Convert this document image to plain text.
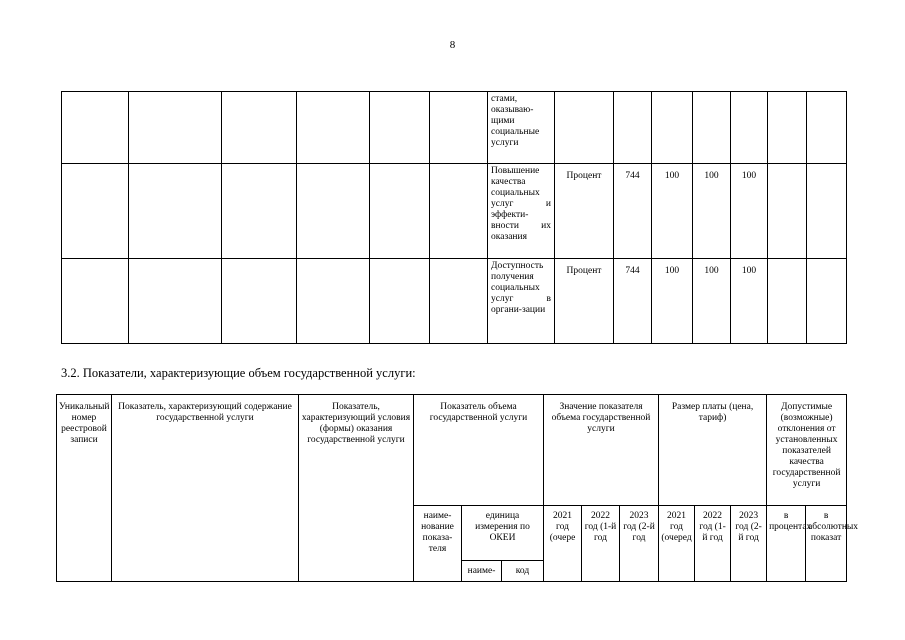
8
						стами, оказываю-щими социальные услуги							
						Повышение качества социальных услуг и эффекти-вности их оказания	Процент	744	100	100	100		
						Доступность получения социальных услуг в органи-зации	Процент	744	100	100	100		
3.2. Показатели, характеризующие объем государственной услуги:
Уникальный номер реестровой записи	Показатель, характеризующий содержание государственной услуги	Показатель, характеризующий условия (формы) оказания государственной услуги	Показатель объема государственной услуги			Значение показателя объема государственной услуги			Размер платы (цена, тариф)			Допустимые (возможные) отклонения от установленных показателей качества государственной услуги	
			наиме-нование показа-теля	единица измерения по ОКЕИ		2021 год (очере	2022 год (1-й год	2023 год (2-й год	2021 год (очеред	2022 год (1-й год	2023 год (2-й год	в процентах	в абсолютных показат
				наиме-	код								
